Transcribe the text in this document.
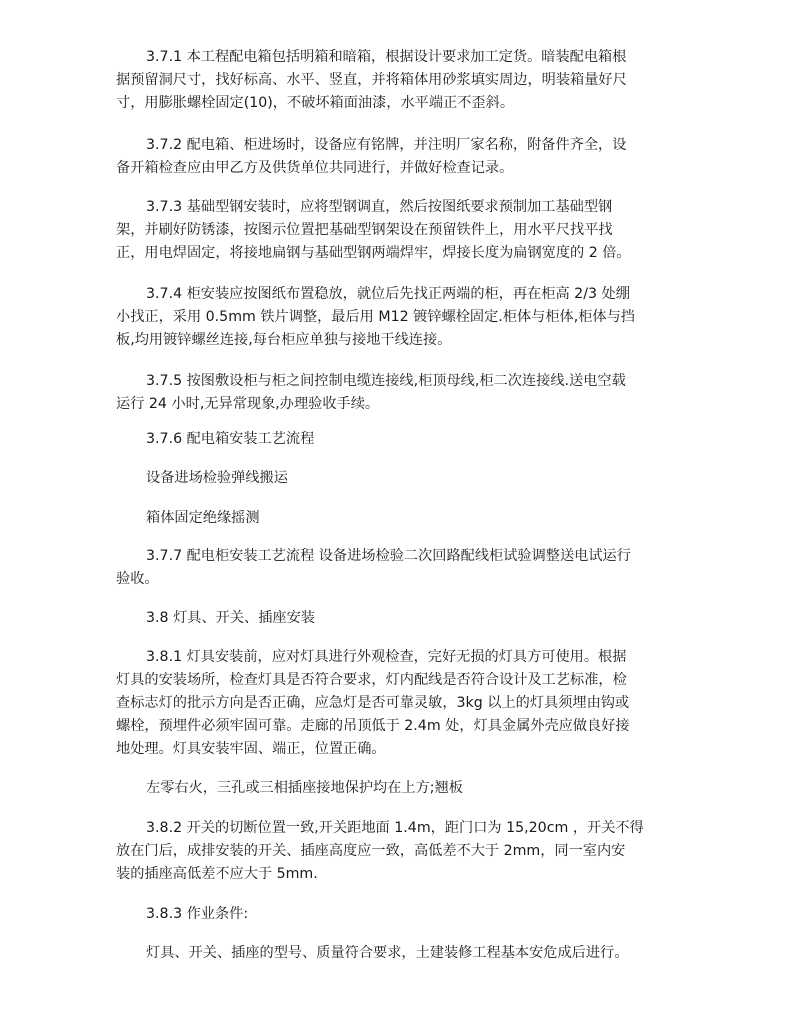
3.7.1 本工程配电箱包括明箱和暗箱，根据设计要求加工定货。暗装配电箱根
据预留洞尺寸，找好标高、水平、竖直，并将箱体用砂浆填实周边，明装箱量好尺
寸，用膨胀螺栓固定(10)，不破坏箱面油漆，水平端正不歪斜。

3.7.2 配电箱、柜进场时，设备应有铭牌，并注明厂家名称，附备件齐全，设
备开箱检查应由甲乙方及供货单位共同进行，并做好检查记录。

3.7.3 基础型钢安装时，应将型钢调直，然后按图纸要求预制加工基础型钢
架，并刷好防锈漆，按图示位置把基础型钢架设在预留铁件上，用水平尺找平找
正，用电焊固定，将接地扁钢与基础型钢两端焊牢，焊接长度为扁钢宽度的 2 倍。

3.7.4 柜安装应按图纸布置稳放，就位后先找正两端的柜，再在柜高 2/3 处绷
小找正，采用 0.5mm 铁片调整，最后用 M12 镀锌螺栓固定.柜体与柜体,柜体与挡
板,均用镀锌螺丝连接,每台柜应单独与接地干线连接。

3.7.5 按图敷设柜与柜之间控制电缆连接线,柜顶母线,柜二次连接线.送电空载
运行 24 小时,无异常现象,办理验收手续。

3.7.6 配电箱安装工艺流程

设备进场检验弹线搬运

箱体固定绝缘摇测

3.7.7 配电柜安装工艺流程 设备进场检验二次回路配线柜试验调整送电试运行
验收。

3.8 灯具、开关、插座安装

3.8.1 灯具安装前，应对灯具进行外观检查，完好无损的灯具方可使用。根据
灯具的安装场所，检查灯具是否符合要求，灯内配线是否符合设计及工艺标准，检
查标志灯的批示方向是否正确，应急灯是否可靠灵敏，3kg 以上的灯具须埋由钩或
螺栓，预埋件必须牢固可靠。走廊的吊顶低于 2.4m 处，灯具金属外壳应做良好接
地处理。灯具安装牢固、端正，位置正确。

左零右火，三孔或三相插座接地保护均在上方;翘板

3.8.2 开关的切断位置一致,开关距地面 1.4m，距门口为 15,20cm ，开关不得
放在门后，成排安装的开关、插座高度应一致，高低差不大于 2mm，同一室内安
装的插座高低差不应大于 5mm.

3.8.3 作业条件:

灯具、开关、插座的型号、质量符合要求，土建装修工程基本安危成后进行。
